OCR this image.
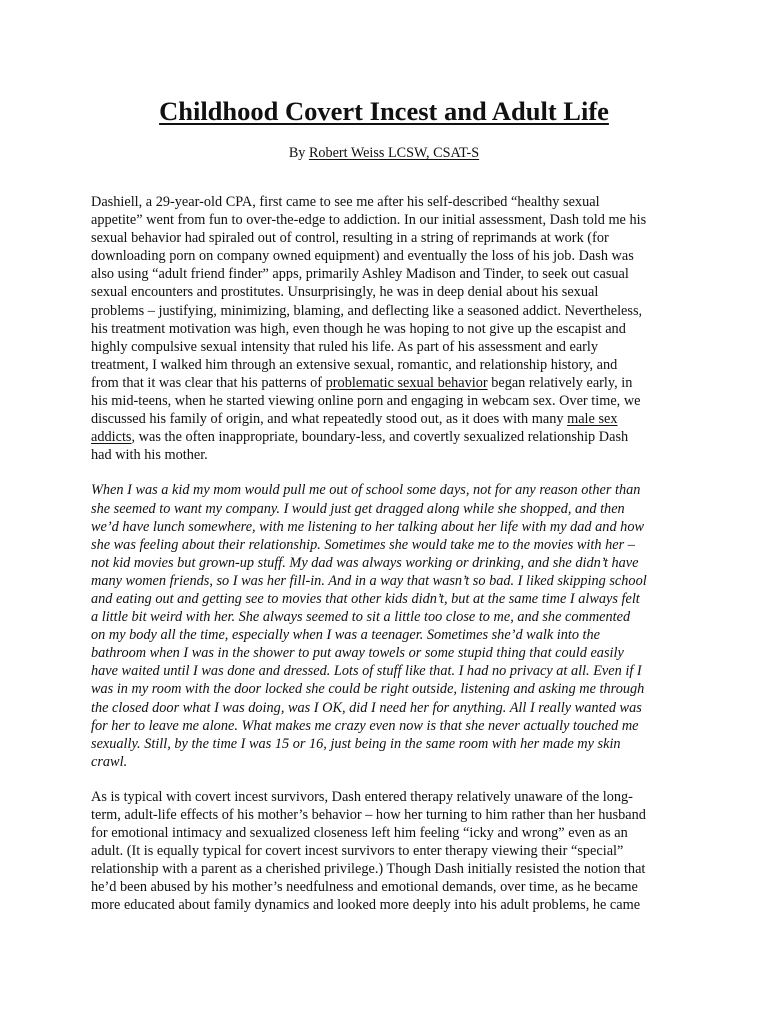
Childhood Covert Incest and Adult Life
By Robert Weiss LCSW, CSAT-S
Dashiell, a 29-year-old CPA, first came to see me after his self-described “healthy sexual
appetite” went from fun to over-the-edge to addiction. In our initial assessment, Dash told me his
sexual behavior had spiraled out of control, resulting in a string of reprimands at work (for
downloading porn on company owned equipment) and eventually the loss of his job. Dash was
also using “adult friend finder” apps, primarily Ashley Madison and Tinder, to seek out casual
sexual encounters and prostitutes. Unsurprisingly, he was in deep denial about his sexual
problems – justifying, minimizing, blaming, and deflecting like a seasoned addict. Nevertheless,
his treatment motivation was high, even though he was hoping to not give up the escapist and
highly compulsive sexual intensity that ruled his life. As part of his assessment and early
treatment, I walked him through an extensive sexual, romantic, and relationship history, and
from that it was clear that his patterns of problematic sexual behavior began relatively early, in
his mid-teens, when he started viewing online porn and engaging in webcam sex. Over time, we
discussed his family of origin, and what repeatedly stood out, as it does with many male sex
addicts, was the often inappropriate, boundary-less, and covertly sexualized relationship Dash
had with his mother.
When I was a kid my mom would pull me out of school some days, not for any reason other than
she seemed to want my company. I would just get dragged along while she shopped, and then
we’d have lunch somewhere, with me listening to her talking about her life with my dad and how
she was feeling about their relationship. Sometimes she would take me to the movies with her –
not kid movies but grown-up stuff. My dad was always working or drinking, and she didn’t have
many women friends, so I was her fill-in. And in a way that wasn’t so bad. I liked skipping school
and eating out and getting see to movies that other kids didn’t, but at the same time I always felt
a little bit weird with her. She always seemed to sit a little too close to me, and she commented
on my body all the time, especially when I was a teenager. Sometimes she’d walk into the
bathroom when I was in the shower to put away towels or some stupid thing that could easily
have waited until I was done and dressed. Lots of stuff like that. I had no privacy at all. Even if I
was in my room with the door locked she could be right outside, listening and asking me through
the closed door what I was doing, was I OK, did I need her for anything. All I really wanted was
for her to leave me alone. What makes me crazy even now is that she never actually touched me
sexually. Still, by the time I was 15 or 16, just being in the same room with her made my skin
crawl.
As is typical with covert incest survivors, Dash entered therapy relatively unaware of the long-
term, adult-life effects of his mother’s behavior – how her turning to him rather than her husband
for emotional intimacy and sexualized closeness left him feeling “icky and wrong” even as an
adult. (It is equally typical for covert incest survivors to enter therapy viewing their “special”
relationship with a parent as a cherished privilege.) Though Dash initially resisted the notion that
he’d been abused by his mother’s needfulness and emotional demands, over time, as he became
more educated about family dynamics and looked more deeply into his adult problems, he came
